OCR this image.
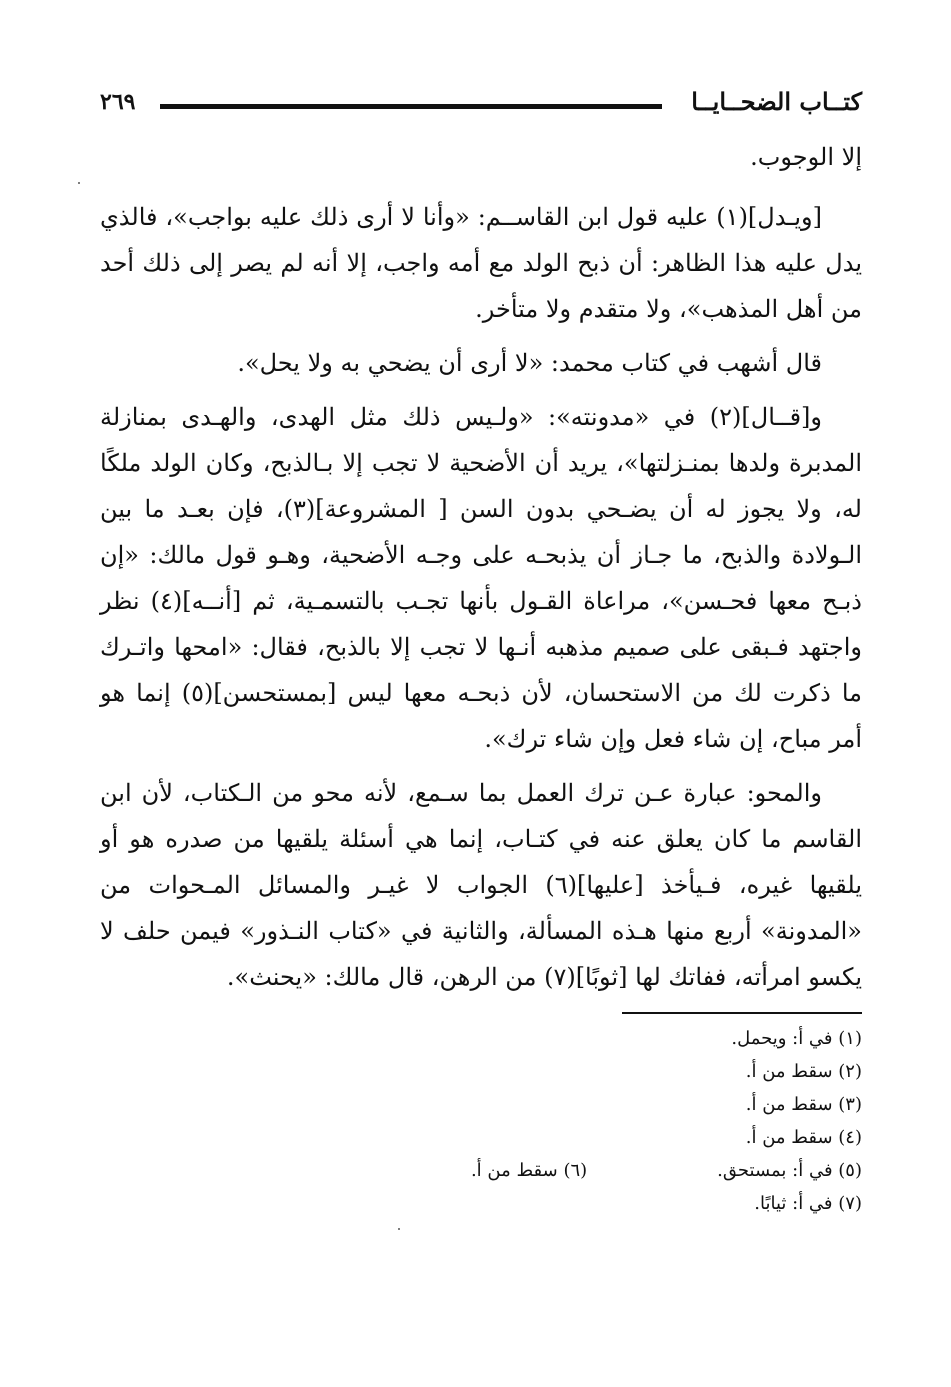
كتــاب الضحــايــا
٢٦٩

إلا الوجوب.

[ويـدل](١) عليه قول ابن القاســم: «وأنا لا أرى ذلك عليه بواجب»، فالذي يدل عليه هذا الظاهر: أن ذبح الولد مع أمه واجب، إلا أنه لم يصر إلى ذلك أحد من أهل المذهب»، ولا متقدم ولا متأخر.

قال أشهب في كتاب محمد: «لا أرى أن يضحي به ولا يحل».

و[قــال](٢) في «مدونته»: «ولـيس ذلك مثل الهدى، والهـدى بمنازلة المدبرة ولدها بمنـزلتها»، يريد أن الأضحية لا تجب إلا بـالذبح، وكان الولد ملكًا له، ولا يجوز له أن يضـحي بدون السن [ المشروعة](٣)، فإن بعـد ما بين الـولادة والذبح، ما جـاز أن يذبحـه على وجـه الأضحية، وهـو قول مالك: «إن ذبـح معها فحـسن»، مراعاة القـول بأنها تجـب بالتسمـية، ثم [أنــه](٤) نظر واجتهد فـبقى على صميم مذهبه أنـها لا تجب إلا بالذبح، فقال: «امحها واتـرك ما ذكرت لك من الاستحسان، لأن ذبحـه معها ليس [بمستحسن](٥) إنما هو أمر مباح، إن شاء فعل وإن شاء ترك».

والمحو: عبارة عـن ترك العمل بما سـمع، لأنه محو من الـكتاب، لأن ابن القاسم ما كان يعلق عنه في كتـاب، إنما هي أسئلة يلقيها من صدره هو أو يلقيها غيره، فـيأخذ [عليها](٦) الجواب لا غيـر والمسائل المـحوات من «المدونة» أربع منها هـذه المسألة، والثانية في «كتاب النـذور» فيمن حلف لا يكسو امرأته، ففاتك لها [ثوبًا](٧) من الرهن، قال مالك: «يحنث».

(١) في أ: ويحمل.
(٢) سقط من أ.
(٣) سقط من أ.
(٤) سقط من أ.
(٥) في أ: بمستحق.
(٦) سقط من أ.
(٧) في أ: ثيابًا.
